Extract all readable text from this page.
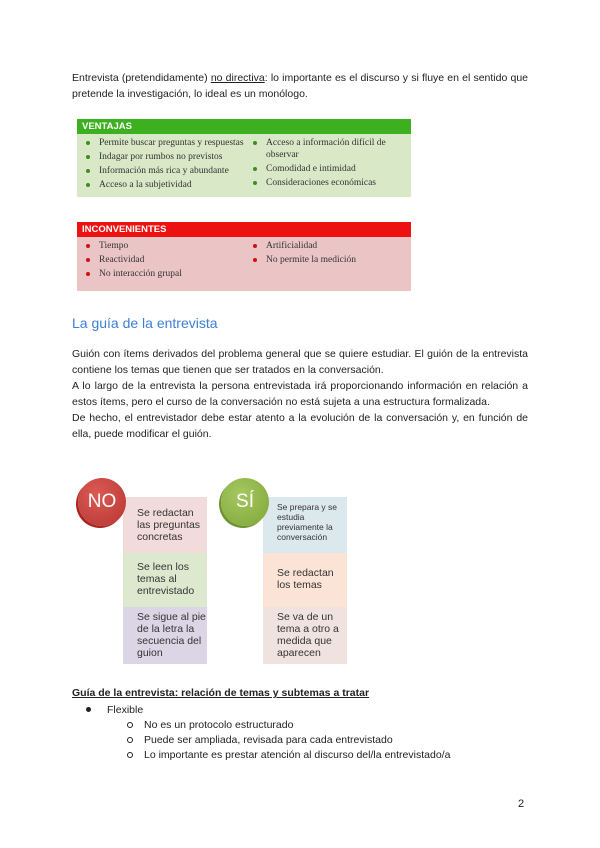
Entrevista (pretendidamente) no directiva: lo importante es el discurso y si fluye en el sentido que pretende la investigación, lo ideal es un monólogo.
VENTAJAS
Permite buscar preguntas y respuestas
Indagar por rumbos no previstos
Información más rica y abundante
Acceso a la subjetividad
Acceso a información difícil de observar
Comodidad e intimidad
Consideraciones económicas
INCONVENIENTES
Tiempo
Reactividad
No interacción grupal
Artificialidad
No permite la medición
La guía de la entrevista
Guión con ítems derivados del problema general que se quiere estudiar. El guión de la entrevista contiene los temas que tienen que ser tratados en la conversación.
A lo largo de la entrevista la persona entrevistada irá proporcionando información en relación a estos ítems, pero el curso de la conversación no está sujeta a una estructura formalizada.
De hecho, el entrevistador debe estar atento a la evolución de la conversación y, en función de ella, puede modificar el guión.
Se redactan las preguntas concretas
Se leen los temas al entrevistado
Se sigue al pie de la letra la secuencia del guion
NO	Se prepara y se estudia previamente la conversación
Se redactan los temas
Se va de un tema a otro a medida que aparecen
SÍ
Guía de la entrevista: relación de temas y subtemas a tratar
Flexible
No es un protocolo estructurado
Puede ser ampliada, revisada para cada entrevistado
Lo importante es prestar atención al discurso del/la entrevistado/a
2
